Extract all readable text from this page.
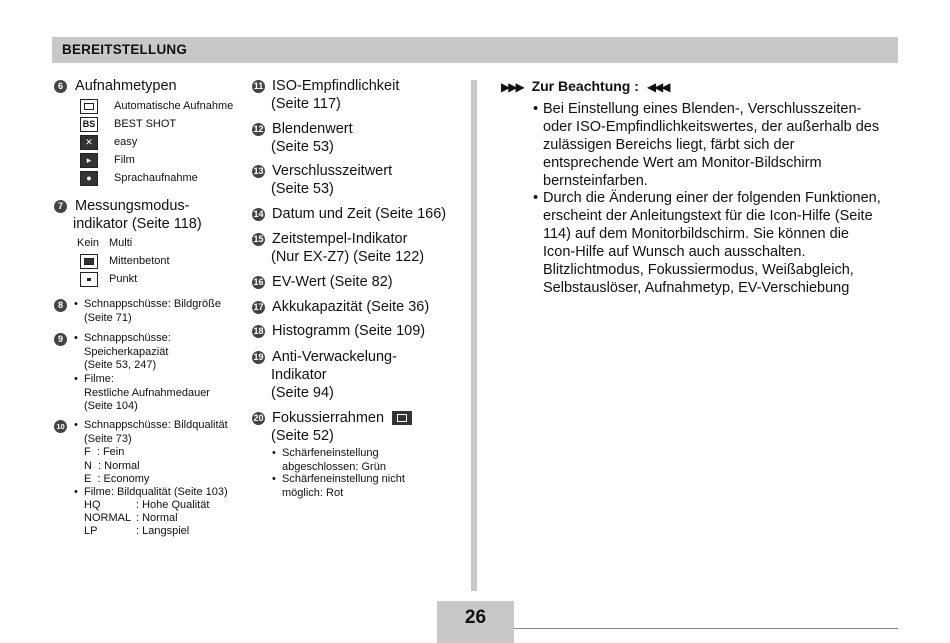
BEREITSTELLUNG
6 Aufnahmetypen
Automatische Aufnahme
BS BEST SHOT
✕	easy
▸	Film
●	Sprachaufnahme
7 Messungsmodus-
indikator (Seite 118)
Kein Multi
Mittenbetont
Punkt
8	• Schnappschüsse: Bildgröße
(Seite 71)
9	• Schnappschüsse:
Speicherkapaziät
(Seite 53, 247)
• Filme:
Restliche Aufnahmedauer
(Seite 104)
10 • Schnappschüsse: Bildqualität
(Seite 73)
F  : Fein
N  : Normal
E  : Economy
• Filme: Bildqualität (Seite 103)
HQ	: Hohe Qualität
NORMAL : Normal
LP	: Langspiel
11 ISO-Empfindlichkeit
(Seite 117)
12 Blendenwert
(Seite 53)
13 Verschlusszeitwert
(Seite 53)
14 Datum und Zeit (Seite 166)
15 Zeitstempel-Indikator
(Nur EX-Z7) (Seite 122)
16 EV-Wert (Seite 82)
17 Akkukapazität (Seite 36)
18 Histogramm (Seite 109)
19 Anti-Verwackelung-
Indikator
(Seite 94)
20 Fokussierrahmen
(Seite 52)
• Schärfeneinstellung
abgeschlossen: Grün
• Schärfeneinstellung nicht
möglich: Rot
▶▶▶ Zur Beachtung : ◀◀◀
• Bei Einstellung eines Blenden-, Verschlusszeiten-
oder ISO-Empfindlichkeitswertes, der außerhalb des
zulässigen Bereichs liegt, färbt sich der
entsprechende Wert am Monitor-Bildschirm
bernsteinfarben.
• Durch die Änderung einer der folgenden Funktionen,
erscheint der Anleitungstext für die Icon-Hilfe (Seite
114) auf dem Monitorbildschirm. Sie können die
Icon-Hilfe auf Wunsch auch ausschalten.
Blitzlichtmodus, Fokussiermodus, Weißabgleich,
Selbstauslöser, Aufnahmetyp, EV-Verschiebung
26
